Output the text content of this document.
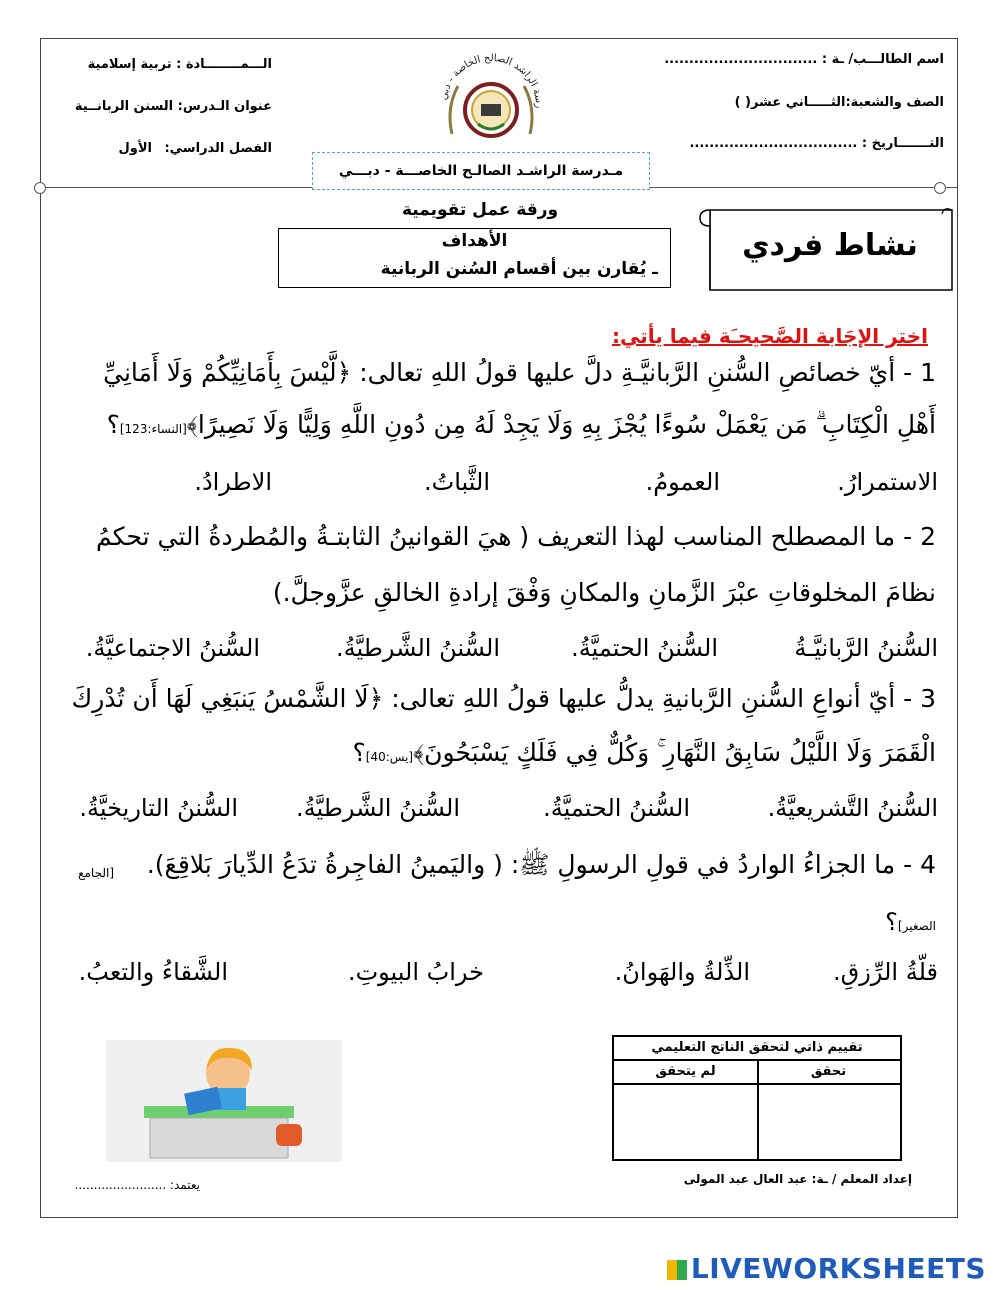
اسم الطالـــب/ ـة : ...............................
الصف والشعبة:الثـــــاني عشر( )
التـــــــاريخ : ..................................
الـــمــــــــادة : تربية إسلامية
عنوان الـدرس: السنن الربانــية
الفصل الدراسي:
الأول
رسة الراشد الصالح الخاصة - دبي
مـدرسة الراشـد الصالـح الخاصـــة - دبـــي
ورقة عمل تقويمية
الأهداف
ـ يُقارن بين أقسام السُنن الربانية
نشاط فردي
اختر الإجَابة الصَّحيحـَة فيما يأتي:
1 - أيّ خصائصِ السُّننِ الرَّبانيَّـةِ دلَّ عليها قولُ اللهِ تعالى: ﴿لَّيْسَ بِأَمَانِيِّكُمْ وَلَا أَمَانِيِّ
أَهْلِ الْكِتَابِ ۗ مَن يَعْمَلْ سُوءًا يُجْزَ بِهِ وَلَا يَجِدْ لَهُ مِن دُونِ اللَّهِ وَلِيًّا وَلَا نَصِيرًا﴾[النساء:123]؟
الاستمرارُ.
العمومُ.
الثَّباتُ.
الاطرادُ.
2 - ما المصطلح المناسب لهذا التعريف ( هيَ القوانينُ الثابتـةُ والمُطردةُ التي تحكمُ
نظامَ المخلوقاتِ عبْرَ الزَّمانِ والمكانِ وَفْقَ إرادةِ الخالقِ عزَّوجلَّ.)
السُّننُ الرَّبانيَّـةُ
السُّننُ الحتميَّةُ.
السُّننُ الشَّرطيَّةُ.
السُّننُ الاجتماعيَّةُ.
3 - أيّ أنواعِ السُّننِ الرَّبانيةِ يدلُّ عليها قولُ اللهِ تعالى: ﴿لَا الشَّمْسُ يَنبَغِي لَهَا أَن تُدْرِكَ
الْقَمَرَ وَلَا اللَّيْلُ سَابِقُ النَّهَارِ ۚ وَكُلٌّ فِي فَلَكٍ يَسْبَحُونَ﴾[يس:40]؟
السُّننُ التَّشريعيَّةُ.
السُّننُ الحتميَّةُ.
السُّننُ الشَّرطيَّةُ.
السُّننُ التاريخيَّةُ.
4 - ما الجزاءُ الواردُ في قولِ الرسولِ ﷺ: ( واليَمينُ الفاجِرةُ تدَعُ الدِّيارَ بَلاقِعَ).
[الجامع
الصغير]؟
قلّةُ الرِّزقِ.
الذِّلةُ والهَوانُ.
خرابُ البيوتِ.
الشَّقاءُ والتعبُ.
تقييم ذاتي لتحقق الناتج التعليمي
تحقق
لم يتحقق
إعداد المعلم / ـة: عبد العال عبد المولى
يعتمد: ........................
LIVEWORKSHEETS
